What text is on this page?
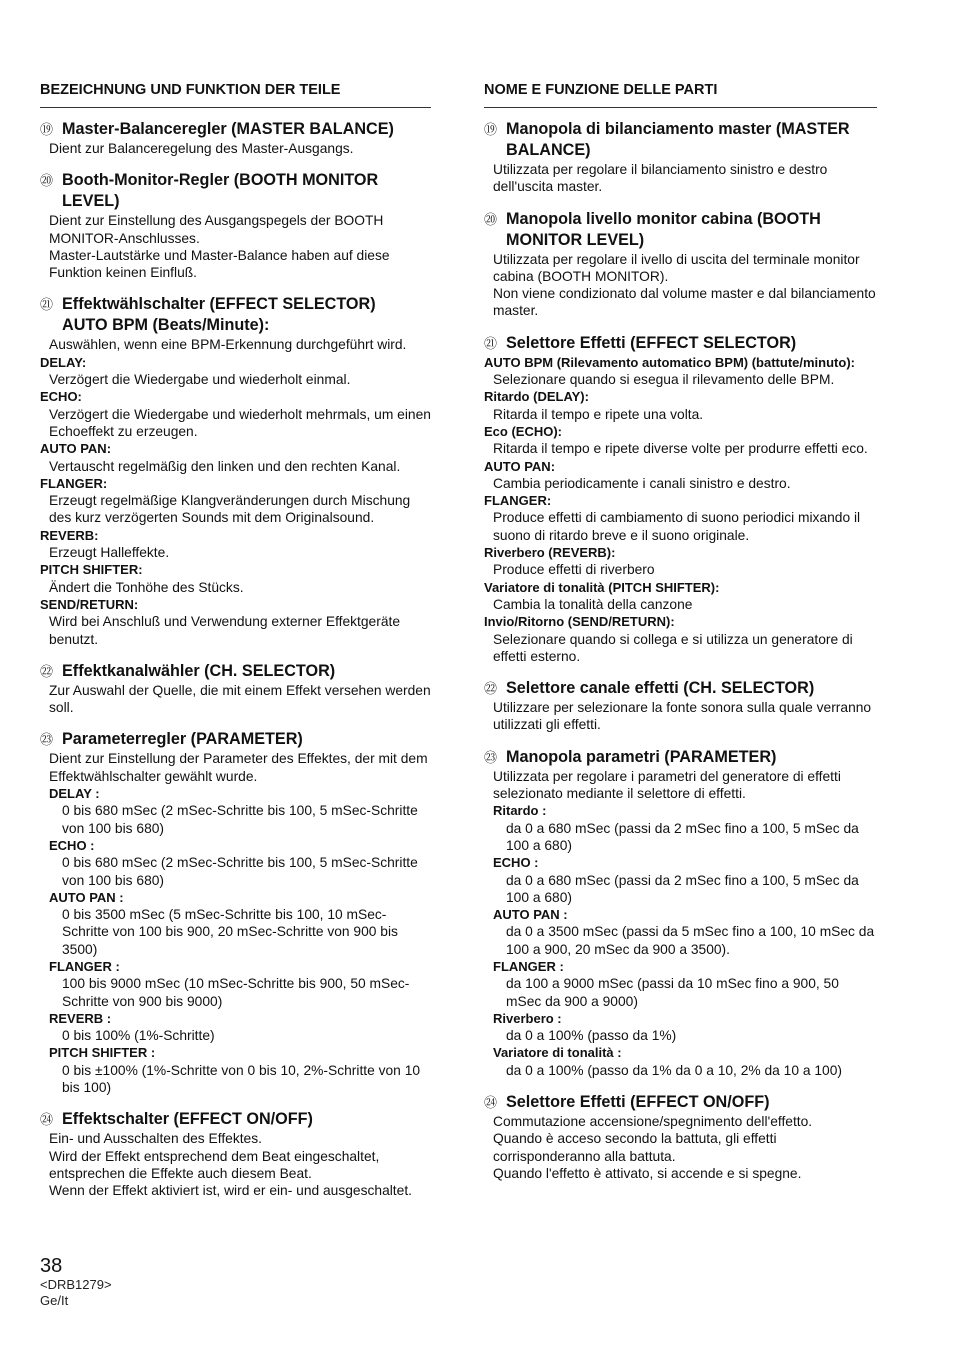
BEZEICHNUNG UND FUNKTION DER TEILE
⑲ Master-Balanceregler (MASTER BALANCE)
Dient zur Balanceregelung des Master-Ausgangs.
⑳ Booth-Monitor-Regler (BOOTH MONITOR LEVEL)
Dient zur Einstellung des Ausgangspegels der BOOTH MONITOR-Anschlusses.
Master-Lautstärke und Master-Balance haben auf diese Funktion keinen Einfluß.
㉑ Effektwählschalter (EFFECT SELECTOR)
AUTO BPM (Beats/Minute):
Auswählen, wenn eine BPM-Erkennung durchgeführt wird.
DELAY:
Verzögert die Wiedergabe und wiederholt einmal.
ECHO:
Verzögert die Wiedergabe und wiederholt mehrmals, um einen Echoeffekt zu erzeugen.
AUTO PAN:
Vertauscht regelmäßig den linken und den rechten Kanal.
FLANGER:
Erzeugt regelmäßige Klangveränderungen durch Mischung des kurz verzögerten Sounds mit dem Originalsound.
REVERB:
Erzeugt Halleffekte.
PITCH SHIFTER:
Ändert die Tonhöhe des Stücks.
SEND/RETURN:
Wird bei Anschluß und Verwendung externer Effektgeräte benutzt.
㉒ Effektkanalwähler (CH. SELECTOR)
Zur Auswahl der Quelle, die mit einem Effekt versehen werden soll.
㉓ Parameterregler (PARAMETER)
Dient zur Einstellung der Parameter des Effektes, der mit dem Effektwählschalter gewählt wurde.
DELAY :
0 bis 680 mSec (2 mSec-Schritte bis 100, 5 mSec-Schritte von 100 bis 680)
ECHO :
0 bis 680 mSec (2 mSec-Schritte bis 100, 5 mSec-Schritte von 100 bis 680)
AUTO PAN :
0 bis 3500 mSec (5 mSec-Schritte bis 100, 10 mSec-Schritte von 100 bis 900, 20 mSec-Schritte von 900 bis 3500)
FLANGER :
100 bis 9000 mSec (10 mSec-Schritte bis 900, 50 mSec-Schritte von 900 bis 9000)
REVERB :
0 bis 100% (1%-Schritte)
PITCH SHIFTER :
0 bis ±100% (1%-Schritte von 0 bis 10, 2%-Schritte von 10 bis 100)
㉔ Effektschalter (EFFECT ON/OFF)
Ein- und Ausschalten des Effektes.
Wird der Effekt entsprechend dem Beat eingeschaltet, entsprechen die Effekte auch diesem Beat.
Wenn der Effekt aktiviert ist, wird er ein- und ausgeschaltet.
NOME E FUNZIONE DELLE PARTI
⑲ Manopola di bilanciamento master (MASTER BALANCE)
Utilizzata per regolare il bilanciamento sinistro e destro dell'uscita master.
⑳ Manopola livello monitor cabina (BOOTH MONITOR LEVEL)
Utilizzata per regolare il ivello di uscita del terminale monitor cabina (BOOTH MONITOR).
Non viene condizionato dal volume master e dal bilanciamento master.
㉑ Selettore Effetti (EFFECT SELECTOR)
AUTO BPM (Rilevamento automatico BPM) (battute/minuto):
Selezionare quando si esegua il rilevamento delle BPM.
Ritardo (DELAY):
Ritarda il tempo e ripete una volta.
Eco (ECHO):
Ritarda il tempo e ripete diverse volte per produrre effetti eco.
AUTO PAN:
Cambia periodicamente i canali sinistro e destro.
FLANGER:
Produce effetti di cambiamento di suono periodici mixando il suono di ritardo breve e il suono originale.
Riverbero (REVERB):
Produce effetti di riverbero
Variatore di tonalità (PITCH SHIFTER):
Cambia la tonalità della canzone
Invio/Ritorno (SEND/RETURN):
Selezionare quando si collega e si utilizza un generatore di effetti esterno.
㉒ Selettore canale effetti (CH. SELECTOR)
Utilizzare per selezionare la fonte sonora sulla quale verranno utilizzati gli effetti.
㉓ Manopola parametri (PARAMETER)
Utilizzata per regolare i parametri del generatore di effetti selezionato mediante il selettore di effetti.
Ritardo :
da 0 a 680 mSec (passi da 2 mSec fino a 100, 5 mSec da 100 a 680)
ECHO :
da 0 a 680 mSec (passi da 2 mSec fino a 100, 5 mSec da 100 a 680)
AUTO PAN :
da 0 a 3500 mSec (passi da 5 mSec fino a 100, 10 mSec da 100 a 900, 20 mSec da 900 a 3500).
FLANGER :
da 100 a 9000 mSec (passi da 10 mSec fino a 900, 50 mSec da 900 a 9000)
Riverbero :
da 0 a 100% (passo da 1%)
Variatore di tonalità :
da 0 a 100% (passo da 1% da 0 a 10, 2% da 10 a 100)
㉔ Selettore Effetti (EFFECT ON/OFF)
Commutazione accensione/spegnimento dell'effetto.
Quando è acceso secondo la battuta, gli effetti corrisponderanno alla battuta.
Quando l'effetto è attivato, si accende e si spegne.
38
<DRB1279>
Ge/It
